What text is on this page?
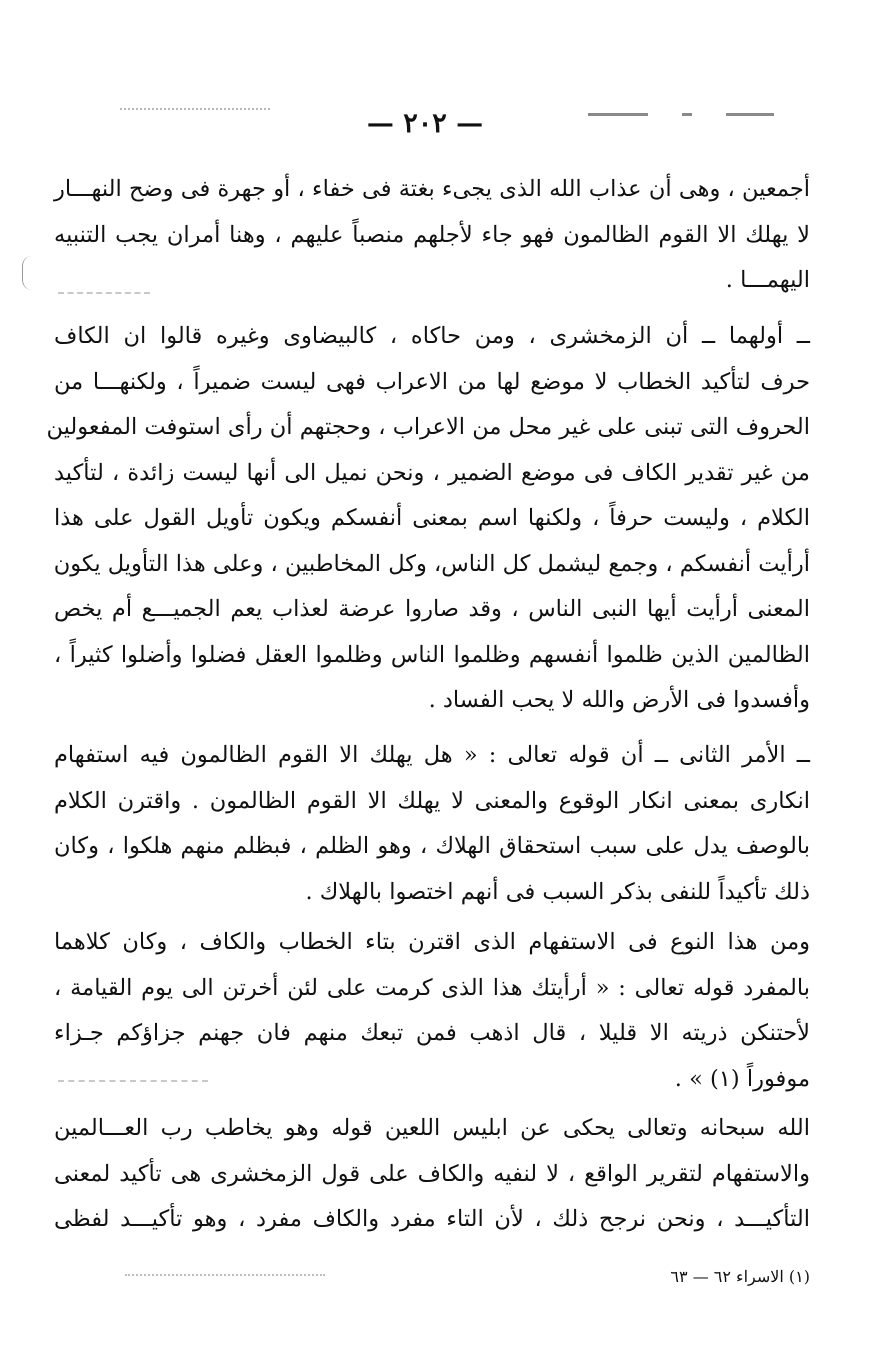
— ٢٠٢ —
أجمعين ، وهى أن عذاب الله الذى يجىء بغتة فى خفاء ، أو جهرة فى وضح النهـــار
لا يهلك الا القوم الظالمون فهو جاء لأجلهم منصباً عليهم ، وهنا أمران يجب التنبيه
اليهمـــا .
ــ أولهما ــ أن الزمخشرى ، ومن حاكاه ، كالبيضاوى وغيره قالوا ان الكاف
حرف لتأكيد الخطاب لا موضع لها من الاعراب فهى ليست ضميراً ، ولكنهـــا من
الحروف التى تبنى على غير محل من الاعراب ، وحجتهم أن رأى استوفت المفعولين
من غير تقدير الكاف فى موضع الضمير ، ونحن نميل الى أنها ليست زائدة ، لتأكيد
الكلام ، وليست حرفاً ، ولكنها اسم بمعنى أنفسكم ويكون تأويل القول على هذا
أرأيت أنفسكم ، وجمع ليشمل كل الناس، وكل المخاطبين ، وعلى هذا التأويل يكون
المعنى أرأيت أيها النبى الناس ، وقد صاروا عرضة لعذاب يعم الجميـــع أم يخص
الظالمين الذين ظلموا أنفسهم وظلموا الناس وظلموا العقل فضلوا وأضلوا كثيراً ،
وأفسدوا فى الأرض والله لا يحب الفساد .
ــ الأمر الثانى ــ أن قوله تعالى : « هل يهلك الا القوم الظالمون فيه استفهام
انكارى بمعنى انكار الوقوع والمعنى لا يهلك الا القوم الظالمون . واقترن الكلام
بالوصف يدل على سبب استحقاق الهلاك ، وهو الظلم ، فبظلم منهم هلكوا ، وكان
ذلك تأكيداً للنفى بذكر السبب فى أنهم اختصوا بالهلاك .
ومن هذا النوع فى الاستفهام الذى اقترن بتاء الخطاب والكاف ، وكان كلاهما
بالمفرد قوله تعالى : « أرأيتك هذا الذى كرمت على لئن أخرتن الى يوم القيامة ،
لأحتنكن ذريته الا قليلا ، قال اذهب فمن تبعك منهم فان جهنم جزاؤكم جـزاء
موفوراً (١) » .
الله سبحانه وتعالى يحكى عن ابليس اللعين قوله وهو يخاطب رب العـــالمين
والاستفهام لتقرير الواقع ، لا لنفيه والكاف على قول الزمخشرى هى تأكيد لمعنى
التأكيـــد ، ونحن نرجح ذلك ، لأن التاء مفرد والكاف مفرد ، وهو تأكيـــد لفظى
(١) الاسراء ٦٢ — ٦٣
